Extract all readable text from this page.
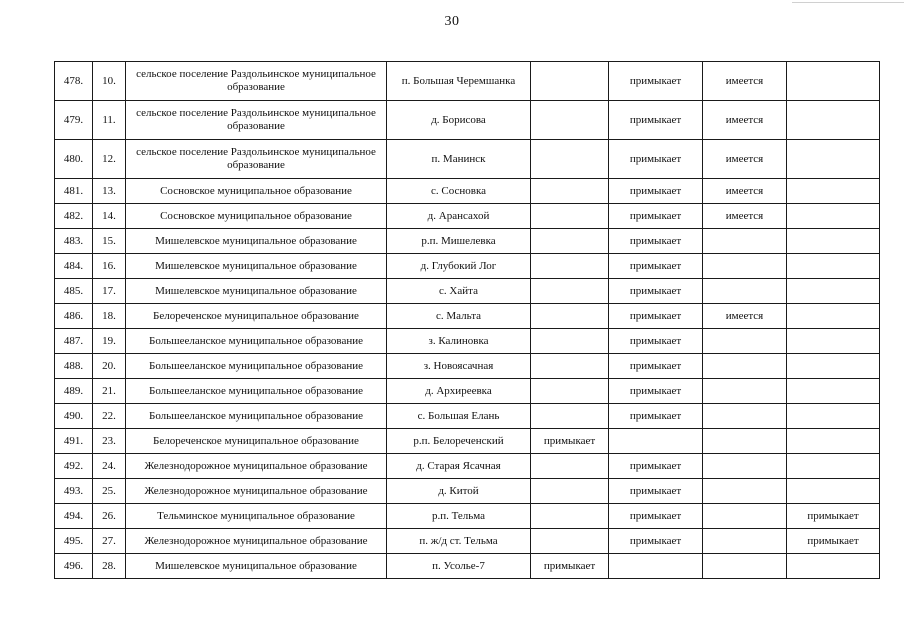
30
478.	10.	сельское поселение Раздольинское муниципальное образование	п. Большая Черемшанка		примыкает	имеется	
479.	11.	сельское поселение Раздольинское муниципальное образование	д. Борисова		примыкает	имеется	
480.	12.	сельское поселение Раздольинское муниципальное образование	п. Манинск		примыкает	имеется	
481.	13.	Сосновское муниципальное образование	с. Сосновка		примыкает	имеется	
482.	14.	Сосновское муниципальное образование	д. Арансахой		примыкает	имеется	
483.	15.	Мишелевское муниципальное образование	р.п. Мишелевка		примыкает		
484.	16.	Мишелевское муниципальное образование	д. Глубокий Лог		примыкает		
485.	17.	Мишелевское муниципальное образование	с. Хайта		примыкает		
486.	18.	Белореченское муниципальное образование	с. Мальта		примыкает	имеется	
487.	19.	Большееланское муниципальное образование	з. Калиновка		примыкает		
488.	20.	Большееланское муниципальное образование	з. Новоясачная		примыкает		
489.	21.	Большееланское муниципальное образование	д. Архиреевка		примыкает		
490.	22.	Большееланское муниципальное образование	с. Большая Елань		примыкает		
491.	23.	Белореченское муниципальное образование	р.п. Белореченский	примыкает			
492.	24.	Железнодорожное муниципальное образование	д. Старая Ясачная		примыкает		
493.	25.	Железнодорожное муниципальное образование	д. Китой		примыкает		
494.	26.	Тельминское муниципальное образование	р.п. Тельма		примыкает		примыкает
495.	27.	Железнодорожное муниципальное образование	п. ж/д ст. Тельма		примыкает		примыкает
496.	28.	Мишелевское муниципальное образование	п. Усолье-7	примыкает			
